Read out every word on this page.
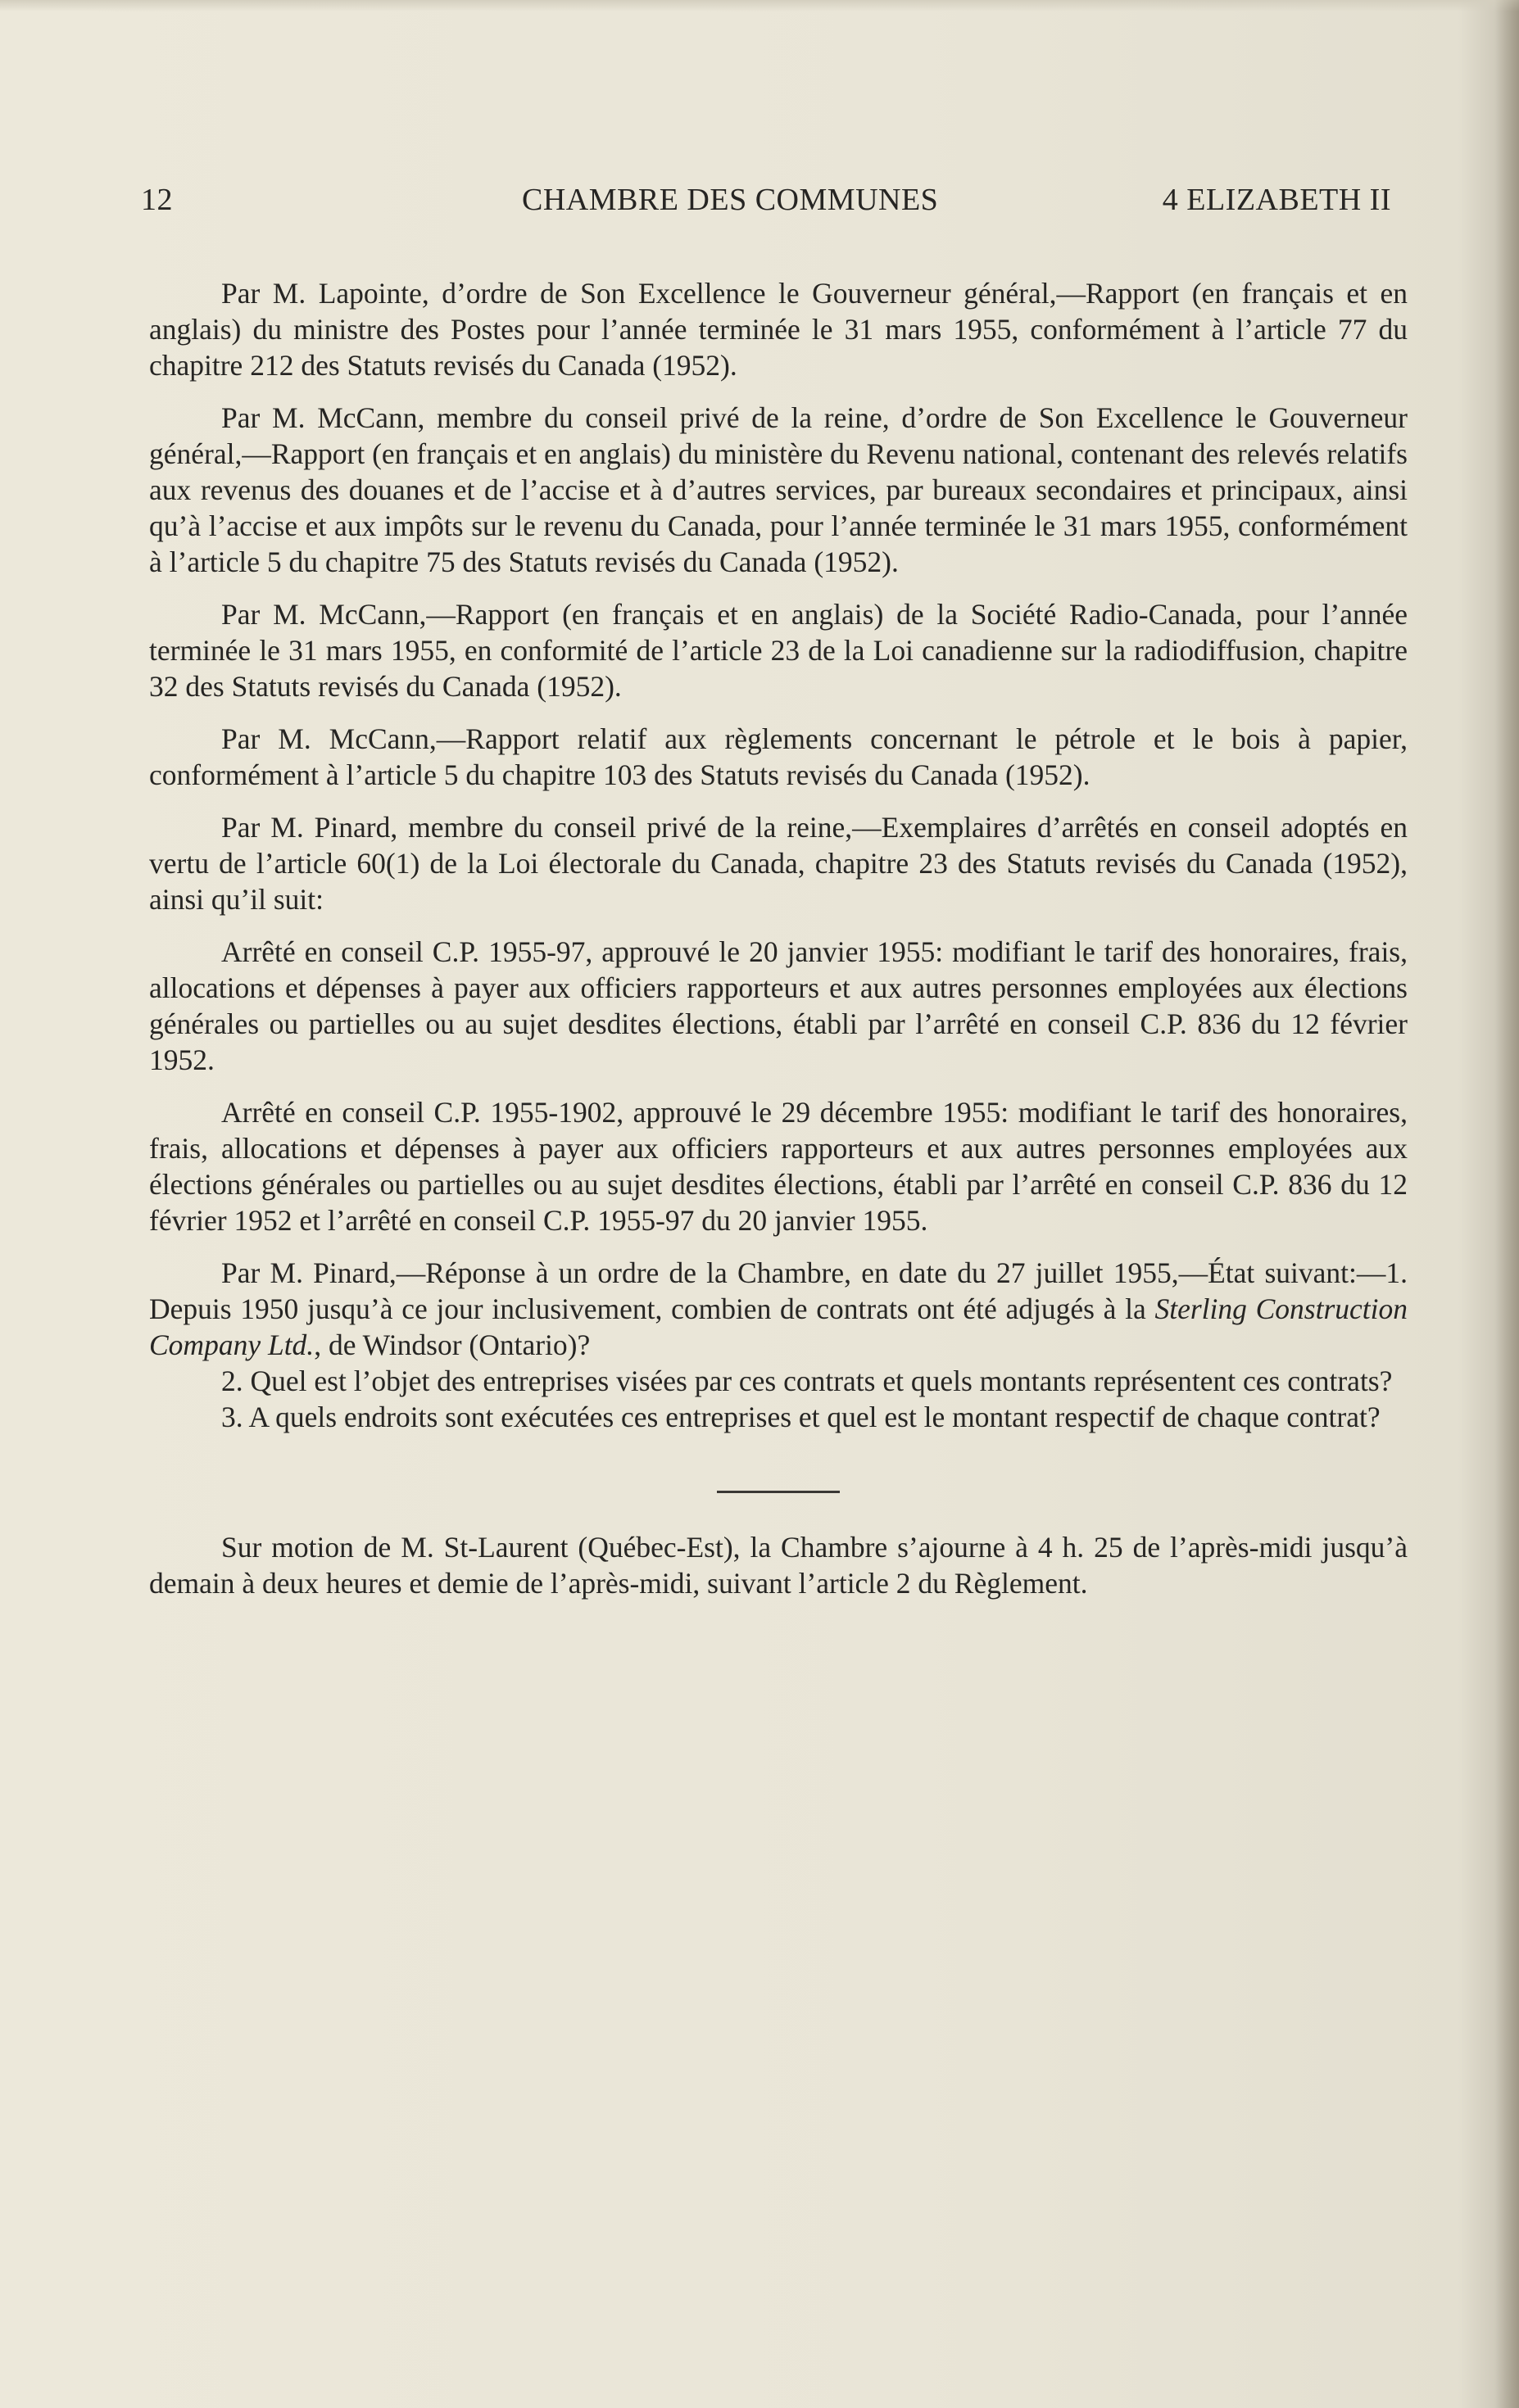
12	CHAMBRE DES COMMUNES	4 ELIZABETH II

Par M. Lapointe, d’ordre de Son Excellence le Gouverneur général,—Rapport (en français et en anglais) du ministre des Postes pour l’année terminée le 31 mars 1955, conformément à l’article 77 du chapitre 212 des Statuts revisés du Canada (1952).

Par M. McCann, membre du conseil privé de la reine, d’ordre de Son Excellence le Gouverneur général,—Rapport (en français et en anglais) du ministère du Revenu national, contenant des relevés relatifs aux revenus des douanes et de l’accise et à d’autres services, par bureaux secondaires et principaux, ainsi qu’à l’accise et aux impôts sur le revenu du Canada, pour l’année terminée le 31 mars 1955, conformément à l’article 5 du chapitre 75 des Statuts revisés du Canada (1952).

Par M. McCann,—Rapport (en français et en anglais) de la Société Radio-Canada, pour l’année terminée le 31 mars 1955, en conformité de l’article 23 de la Loi canadienne sur la radiodiffusion, chapitre 32 des Statuts revisés du Canada (1952).

Par M. McCann,—Rapport relatif aux règlements concernant le pétrole et le bois à papier, conformément à l’article 5 du chapitre 103 des Statuts revisés du Canada (1952).

Par M. Pinard, membre du conseil privé de la reine,—Exemplaires d’arrêtés en conseil adoptés en vertu de l’article 60(1) de la Loi électorale du Canada, chapitre 23 des Statuts revisés du Canada (1952), ainsi qu’il suit:

Arrêté en conseil C.P. 1955-97, approuvé le 20 janvier 1955: modifiant le tarif des honoraires, frais, allocations et dépenses à payer aux officiers rapporteurs et aux autres personnes employées aux élections générales ou partielles ou au sujet desdites élections, établi par l’arrêté en conseil C.P. 836 du 12 février 1952.

Arrêté en conseil C.P. 1955-1902, approuvé le 29 décembre 1955: modifiant le tarif des honoraires, frais, allocations et dépenses à payer aux officiers rapporteurs et aux autres personnes employées aux élections générales ou partielles ou au sujet desdites élections, établi par l’arrêté en conseil C.P. 836 du 12 février 1952 et l’arrêté en conseil C.P. 1955-97 du 20 janvier 1955.

Par M. Pinard,—Réponse à un ordre de la Chambre, en date du 27 juillet 1955,—État suivant:—1. Depuis 1950 jusqu’à ce jour inclusivement, combien de contrats ont été adjugés à la Sterling Construction Company Ltd., de Windsor (Ontario)?

2. Quel est l’objet des entreprises visées par ces contrats et quels montants représentent ces contrats?

3. A quels endroits sont exécutées ces entreprises et quel est le montant respectif de chaque contrat?

Sur motion de M. St-Laurent (Québec-Est), la Chambre s’ajourne à 4 h. 25 de l’après-midi jusqu’à demain à deux heures et demie de l’après-midi, suivant l’article 2 du Règlement.
